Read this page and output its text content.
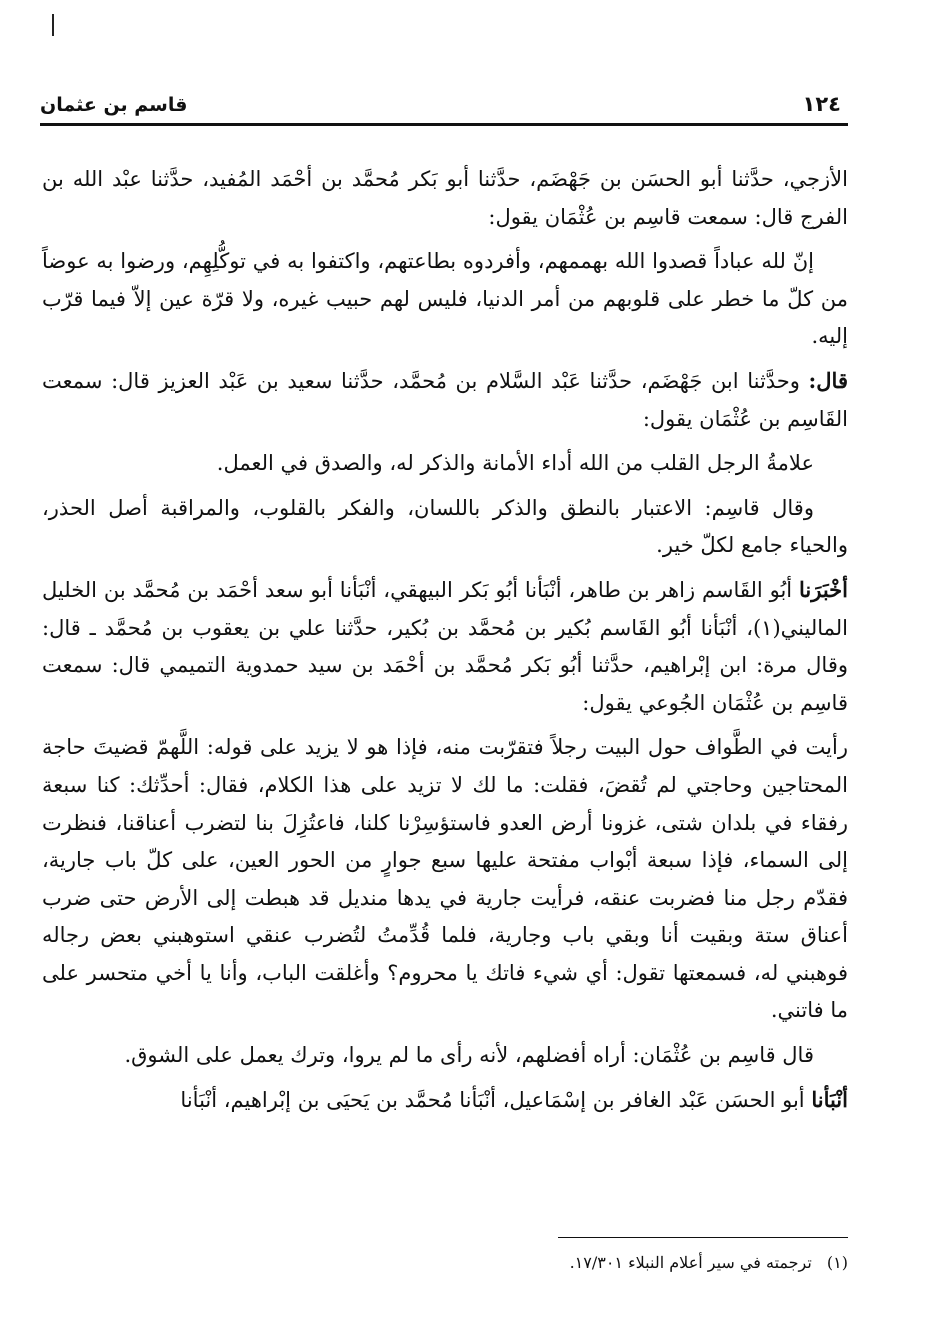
قاسم بن عثمان	١٢٤

الأزجي، حدَّثنا أبو الحسَن بن جَهْضَم، حدَّثنا أبو بَكر مُحمَّد بن أحْمَد المُفيد، حدَّثنا عبْد الله بن الفرج قال: سمعت قاسِم بن عُثْمَان يقول:

إنّ لله عباداً قصدوا الله بهممهم، وأفردوه بطاعتهم، واكتفوا به في توكُّلِهِم، ورضوا به عوضاً من كلّ ما خطر على قلوبهم من أمر الدنيا، فليس لهم حبيب غيره، ولا قرّة عين إلاّ فيما قرّب إليه.

قال: وحدَّثنا ابن جَهْضَم، حدَّثنا عَبْد السَّلام بن مُحمَّد، حدَّثنا سعيد بن عَبْد العزيز قال: سمعت القَاسِم بن عُثْمَان يقول:

علامةُ الرجل القلب من الله أداء الأمانة والذكر له، والصدق في العمل.

وقال قاسِم: الاعتبار بالنطق والذكر باللسان، والفكر بالقلوب، والمراقبة أصل الحذر، والحياء جامع لكلّ خير.

أخْبَرَنا أبُو القَاسم زاهر بن طاهر، أنْبَأنا أبُو بَكر البيهقي، أنْبَأنا أبو سعد أحْمَد بن مُحمَّد بن الخليل الماليني(١)، أنْبَأنا أبُو القَاسم بُكير بن مُحمَّد بن بُكير، حدَّثنا علي بن يعقوب بن مُحمَّد ـ قال: وقال مرة: ابن إبْراهيم، حدَّثنا أبُو بَكر مُحمَّد بن أحْمَد بن سيد حمدوية التميمي قال: سمعت قاسِم بن عُثْمَان الجُوعي يقول:

رأيت في الطَّواف حول البيت رجلاً فتقرّبت منه، فإذا هو لا يزيد على قوله: اللَّهمّ قضيتَ حاجة المحتاجين وحاجتي لم تُقضَ، فقلت: ما لك لا تزيد على هذا الكلام، فقال: أحدِّثك: كنا سبعة رفقاء في بلدان شتى، غزونا أرض العدو فاستؤسِرْنا كلنا، فاعتُزِلَ بنا لتضرب أعناقنا، فنظرت إلى السماء، فإذا سبعة أبْواب مفتحة عليها سبع جوارٍ من الحور العين، على كلّ باب جارية، فقدّم رجل منا فضربت عنقه، فرأيت جارية في يدها منديل قد هبطت إلى الأرض حتى ضرب أعناق ستة وبقيت أنا وبقي باب وجارية، فلما قُدِّمتُ لتُضرب عنقي استوهبني بعض رجاله فوهبني له، فسمعتها تقول: أي شيء فاتك يا محروم؟ وأغلقت الباب، وأنا يا أخي متحسر على ما فاتني.

قال قاسِم بن عُثْمَان: أراه أفضلهم، لأنه رأى ما لم يروا، وترك يعمل على الشوق.

أنْبَأنا أبو الحسَن عَبْد الغافر بن إسْمَاعيل، أنْبَأنا مُحمَّد بن يَحيَى بن إبْراهيم، أنْبَأنا

(١) ترجمته في سير أعلام النبلاء ١٧/٣٠١.
